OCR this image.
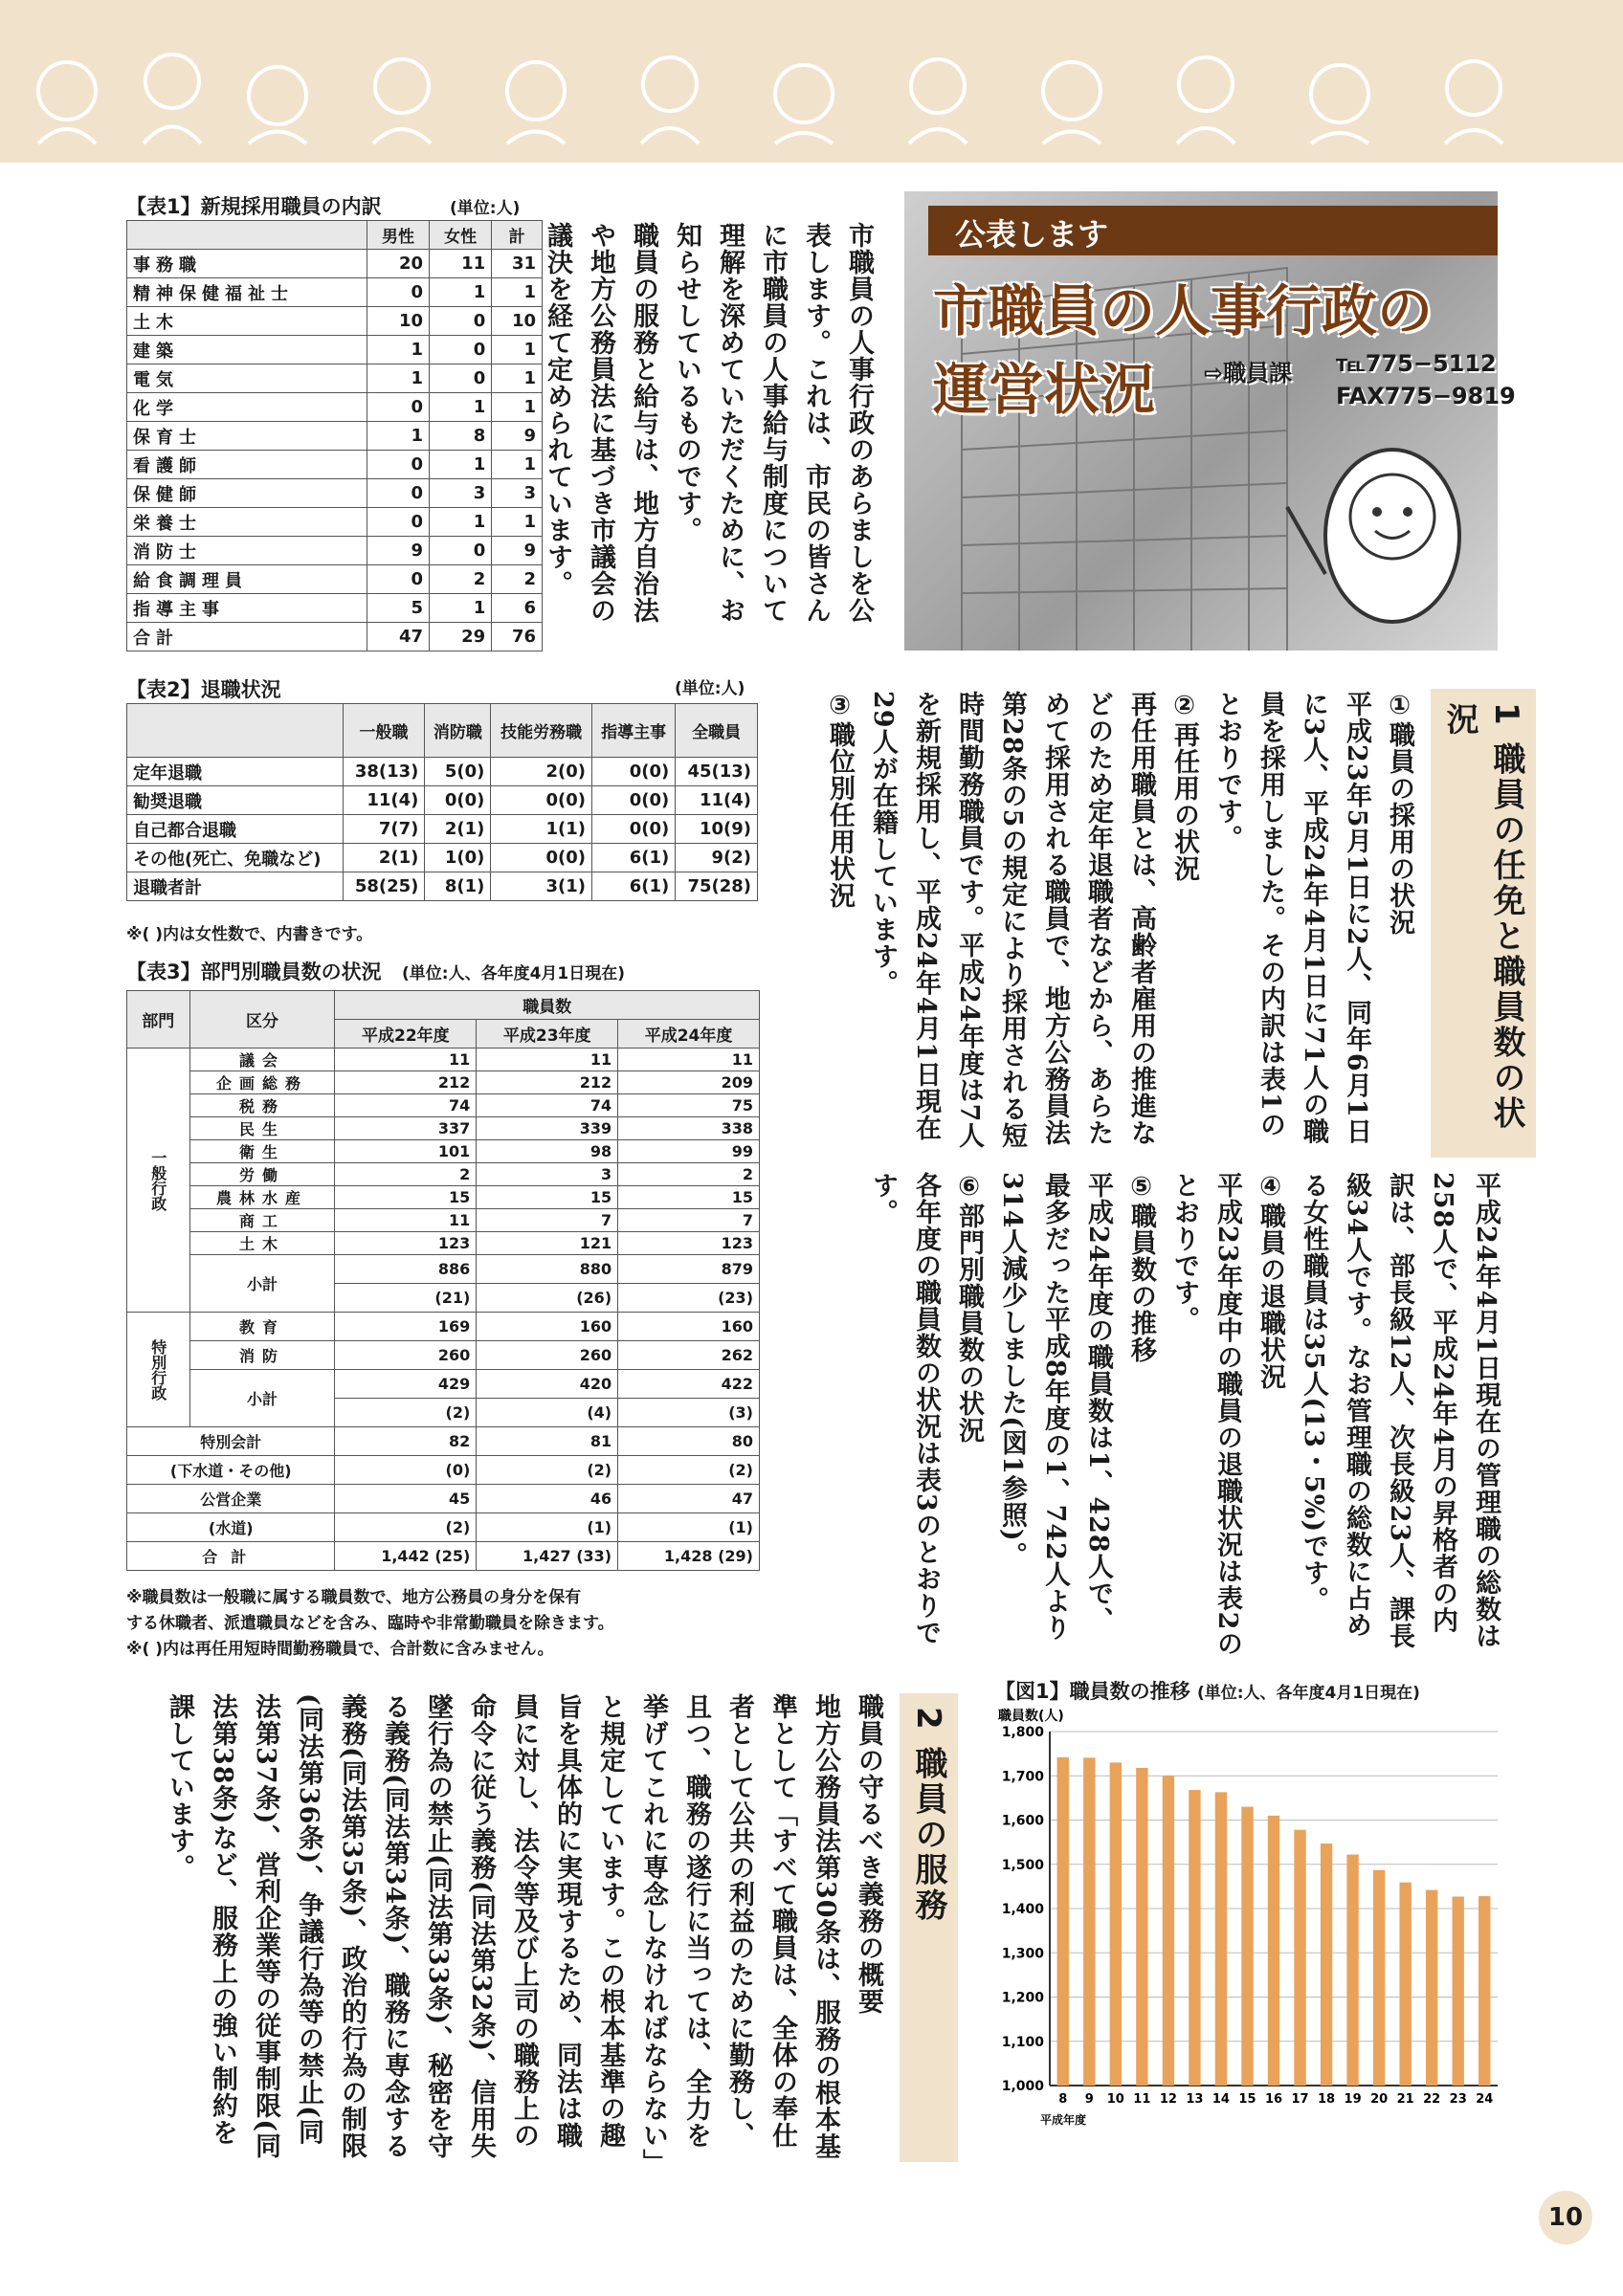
公表します
市職員の人事行政の
運営状況 ⇨職員課 ℡775−5112
FAX775−9819

市職員の人事行政のあらましを公表します。これは、市民の皆さんに市職員の人事給与制度について理解を深めていただくために、お知らせしているものです。

職員の服務と給与は、地方自治法や地方公務員法に基づき市議会の議決を経て定められています。

1 職員の任免と職員数の状況

①職員の採用の状況

平成23年5月1日に2人、同年6月1日に3人、平成24年4月1日に71人の職員を採用しました。その内訳は表1のとおりです。

②再任用の状況

再任用職員とは、高齢者雇用の推進などのため定年退職者などから、あらためて採用される職員で、地方公務員法第28条の5の規定により採用される短時間勤務職員です。平成24年度は7人を新規採用し、平成24年4月1日現在29人が在籍しています。

③職位別任用状況

平成24年4月1日現在の管理職の総数は258人で、平成24年4月の昇格者の内訳は、部長級12人、次長級23人、課長級34人です。なお管理職の総数に占める女性職員は35人(13・5%)です。

④職員の退職状況

平成23年度中の職員の退職状況は表2のとおりです。

⑤職員数の推移

平成24年度の職員数は1、428人で、最多だった平成8年度の1、742人より314人減少しました(図1参照)。

⑥部門別職員数の状況

各年度の職員数の状況は表3のとおりです。

2 職員の服務

職員の守るべき義務の概要

地方公務員法第30条は、服務の根本基準として「すべて職員は、全体の奉仕者として公共の利益のために勤務し、且つ、職務の遂行に当っては、全力を挙げてこれに専念しなければならない」と規定しています。この根本基準の趣旨を具体的に実現するため、同法は職員に対し、法令等及び上司の職務上の命令に従う義務(同法第32条)、信用失墜行為の禁止(同法第33条)、秘密を守る義務(同法第34条)、職務に専念する義務(同法第35条)、政治的行為の制限(同法第36条)、争議行為等の禁止(同法第37条)、営利企業等の従事制限(同法第38条)など、服務上の強い制約を課しています。

【表1】新規採用職員の内訳	(単位:人)
	男性	女性	計
事務職	20	11	31
精神保健福祉士	0	1	1
土木	10	0	10
建築	1	0	1
電気	1	0	1
化学	0	1	1
保育士	1	8	9
看護師	0	1	1
保健師	0	3	3
栄養士	0	1	1
消防士	9	0	9
給食調理員	0	2	2
指導主事	5	1	6
合計	47	29	76
【表2】退職状況	(単位:人)
	一般職	消防職	技能労務職	指導主事	全職員
定年退職	38(13)	5(0)	2(0)	0(0)	45(13)
勧奨退職	11(4)	0(0)	0(0)	0(0)	11(4)
自己都合退職	7(7)	2(1)	1(1)	0(0)	10(9)
その他(死亡、免職など)	2(1)	1(0)	0(0)	6(1)	9(2)
退職者計	58(25)	8(1)	3(1)	6(1)	75(28)
※( )内は女性数で、内書きです。
【表3】部門別職員数の状況 (単位:人、各年度4月1日現在)
部門	区分	職員数		
		平成22年度	平成23年度	平成24年度
一般行政	議会	11	11	11
	企画総務	212	212	209
	税務	74	74	75
	民生	337	339	338
	衛生	101	98	99
	労働	2	3	2
	農林水産	15	15	15
	商工	11	7	7
	土木	123	121	123
	小計	886	880	879
		(21)	(26)	(23)
特別行政	教育	169	160	160
	消防	260	260	262
	小計	429	420	422
		(2)	(4)	(3)
特別会計		82	81	80
(下水道・その他)		(0)	(2)	(2)
公営企業		45	46	47
(水道)		(2)	(1)	(1)
合計		1,442 (25)	1,427 (33)	1,428 (29)
※職員数は一般職に属する職員数で、地方公務員の身分を保有
する休職者、派遣職員などを含み、臨時や非常勤職員を除きます。
※( )内は再任用短時間勤務職員で、合計数に含みません。
【図1】職員数の推移 (単位:人、各年度4月1日現在)
職員数(人)
1,000
1,100
1,200
1,300
1,400
1,500
1,600
1,700
1,800
8 9 10 11 12 13 14 15 16 17 18 19 20 21 22 23 24
平成年度
10
